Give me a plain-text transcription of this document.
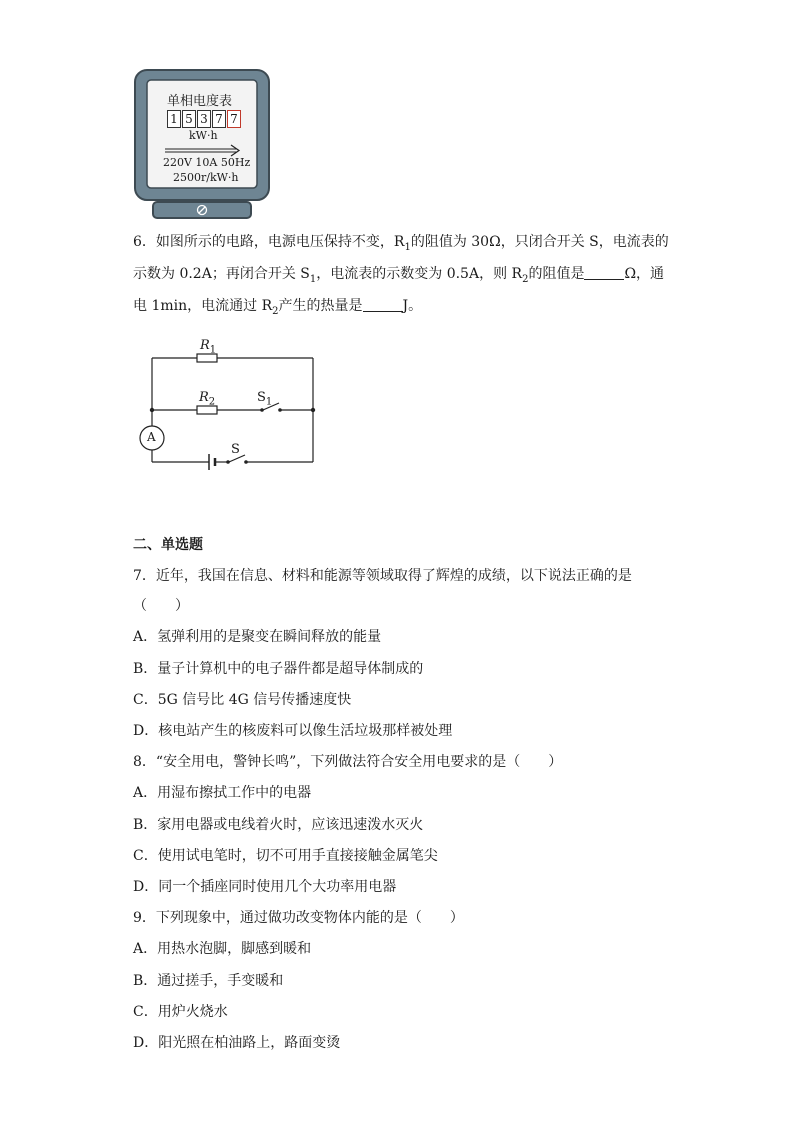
单相电度表
1 5 3 7 7
kW·h
220V 10A 50Hz
2500r/kW·h
6．如图所示的电路，电源电压保持不变，$R_1$的阻值为 30Ω，只闭合开关 S，电流表的
示数为 0.2A；再闭合开关 $S_1$，电流表的示数变为 0.5A，则 $R_2$的阻值是	Ω，通
电 1min，电流通过 $R_2$产生的热量是	J。
$R_1$
$R_2$	$S_1$
S
A
二、单选题
7．近年，我国在信息、材料和能源等领域取得了辉煌的成绩，以下说法正确的是
（　　）
A．氢弹利用的是聚变在瞬间释放的能量
B．量子计算机中的电子器件都是超导体制成的
C．5G 信号比 4G 信号传播速度快
D．核电站产生的核废料可以像生活垃圾那样被处理
8．“安全用电，警钟长鸣”，下列做法符合安全用电要求的是（　　）
A．用湿布擦拭工作中的电器
B．家用电器或电线着火时，应该迅速泼水灭火
C．使用试电笔时，切不可用手直接接触金属笔尖
D．同一个插座同时使用几个大功率用电器
9．下列现象中，通过做功改变物体内能的是（　　）
A．用热水泡脚，脚感到暖和
B．通过搓手，手变暖和
C．用炉火烧水
D．阳光照在柏油路上，路面变烫
